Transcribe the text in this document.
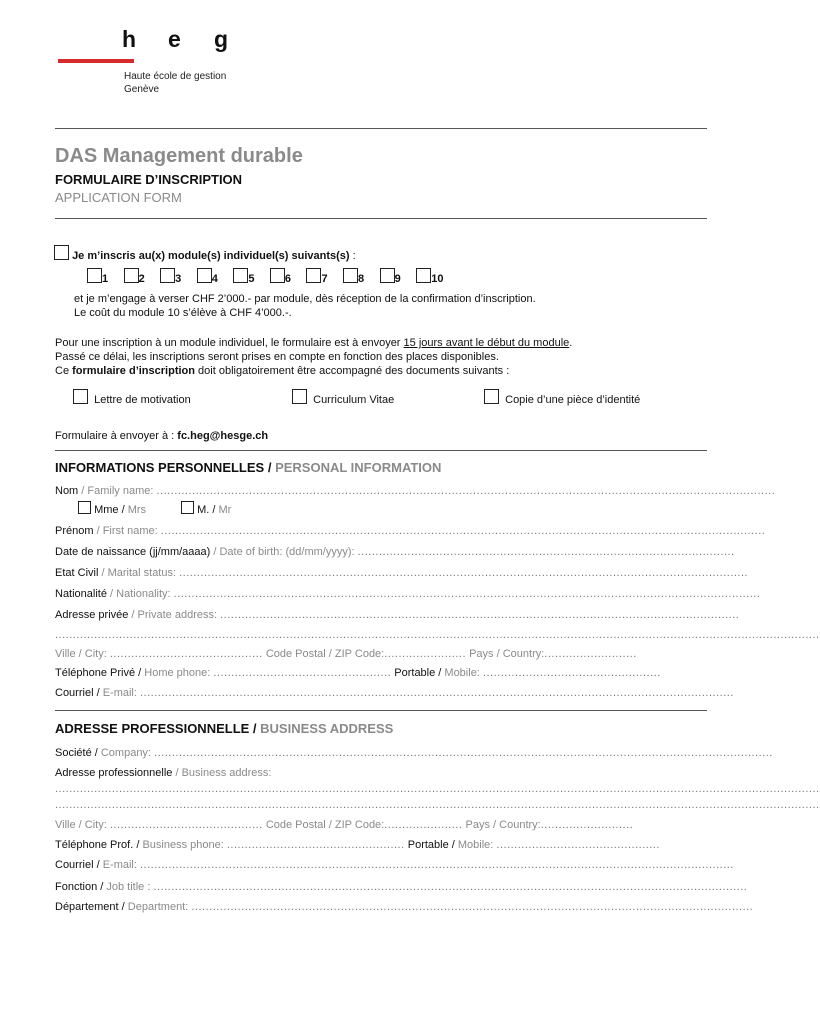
h e g
Haute école de gestion
Genève
DAS Management durable
FORMULAIRE D’INSCRIPTION
APPLICATION FORM
Je m’inscris au(x) module(s) individuel(s) suivants(s) :
1	2	3	4	5	6	7	8	9	10
et je m’engage à verser CHF 2’000.- par module, dès réception de la confirmation d’inscription.
Le coût du module 10 s’élève à CHF 4’000.-.
Pour une inscription à un module individuel, le formulaire est à envoyer 15 jours avant le début du module.
Passé ce délai, les inscriptions seront prises en compte en fonction des places disponibles.
Ce formulaire d’inscription doit obligatoirement être accompagné des documents suivants :
Lettre de motivation	Curriculum Vitae	Copie d’une pièce d’identité
Formulaire à envoyer à : fc.heg@hesge.ch
INFORMATIONS PERSONNELLES / PERSONAL INFORMATION
Nom / Family name: ..............................................................................................................................................................................
Mme / Mrs	M. / Mr
Prénom / First name: ..........................................................................................................................................................................
Date de naissance (jj/mm/aaaa) / Date of birth: (dd/mm/yyyy): ..........................................................................................................
Etat Civil / Marital status: ................................................................................................................................................................
Nationalité / Nationality: .....................................................................................................................................................................
Adresse privée / Private address: ..................................................................................................................................................
.......................................................................................................................................................................................................................
Ville / City: ........................................... Code Postal / ZIP Code:....................... Pays / Country:..........................
Téléphone Privé / Home phone: .................................................. Portable / Mobile: ..................................................
Courriel / E-mail: .......................................................................................................................................................................
ADRESSE PROFESSIONNELLE / BUSINESS ADDRESS
Société / Company: ..............................................................................................................................................................................
Adresse professionnelle / Business address:
.......................................................................................................................................................................................................................
.......................................................................................................................................................................................................................
Ville / City: ........................................... Code Postal / ZIP Code:...................... Pays / Country:..........................
Téléphone Prof. / Business phone: .................................................. Portable / Mobile: ..............................................
Courriel / E-mail: .......................................................................................................................................................................
Fonction / Job title : .......................................................................................................................................................................
Département / Department: ..............................................................................................................................................................
